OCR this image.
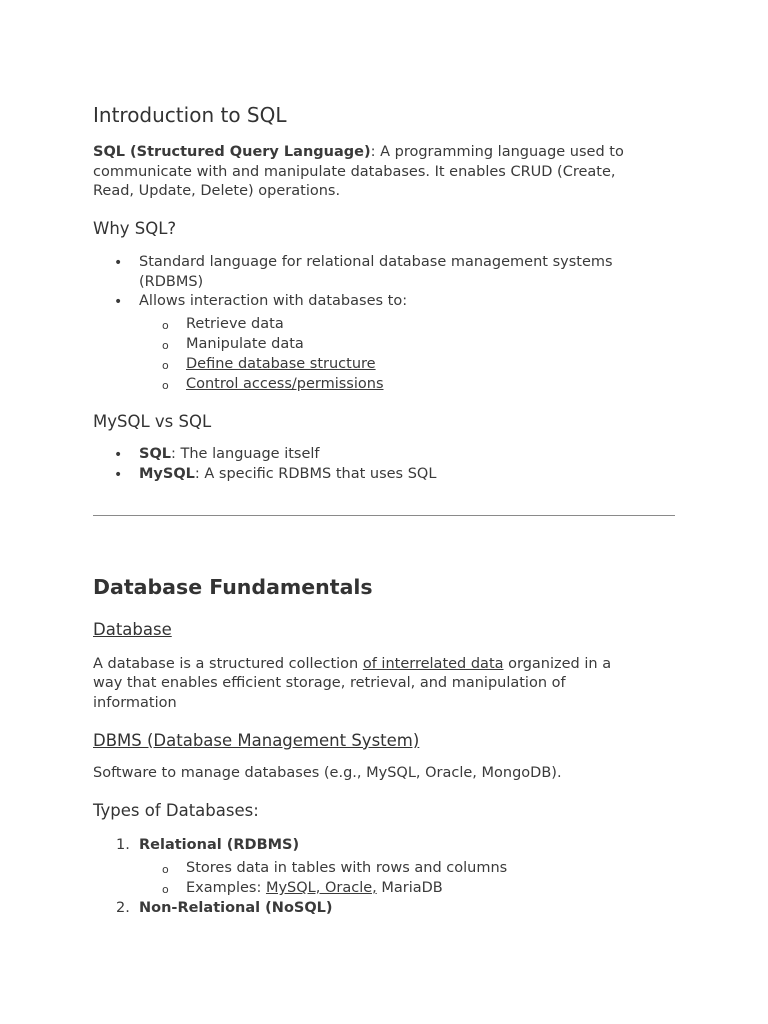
Introduction to SQL
SQL (Structured Query Language): A programming language used to
communicate with and manipulate databases. It enables CRUD (Create,
Read, Update, Delete) operations.
Why SQL?
• Standard language for relational database management systems
(RDBMS)
• Allows interaction with databases to:
o Retrieve data
o Manipulate data
o Define database structure
o Control access/permissions
MySQL vs SQL
• SQL: The language itself
• MySQL: A specific RDBMS that uses SQL
Database Fundamentals
Database
A database is a structured collection of interrelated data organized in a
way that enables efficient storage, retrieval, and manipulation of
information
DBMS (Database Management System)
Software to manage databases (e.g., MySQL, Oracle, MongoDB).
Types of Databases:
1. Relational (RDBMS)
o Stores data in tables with rows and columns
o Examples: MySQL, Oracle, MariaDB
2. Non-Relational (NoSQL)
